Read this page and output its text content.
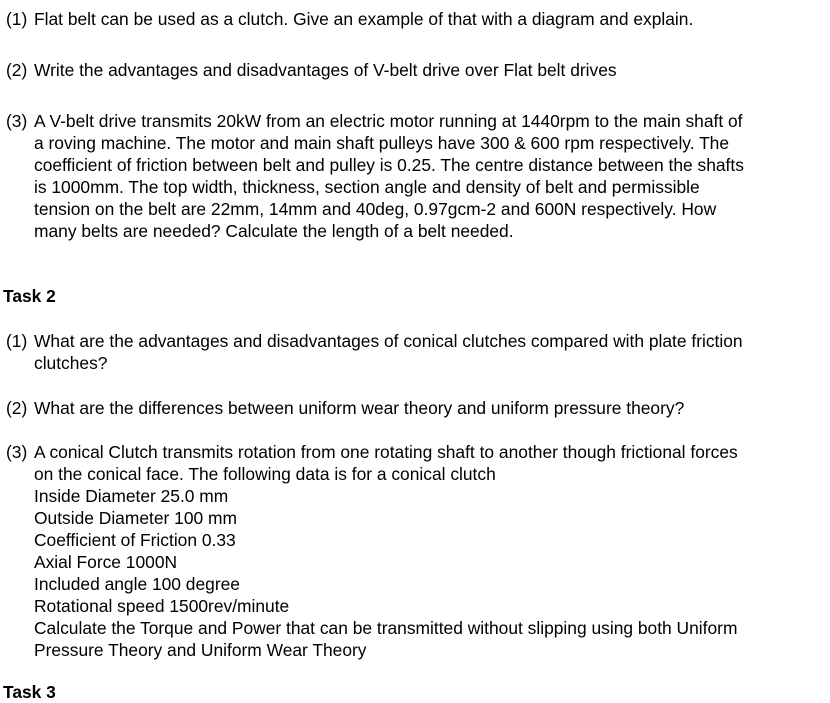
(1) Flat belt can be used as a clutch. Give an example of that with a diagram and explain.
(2) Write the advantages and disadvantages of V-belt drive over Flat belt drives
(3) A V-belt drive transmits 20kW from an electric motor running at 1440rpm to the main shaft of
a roving machine. The motor and main shaft pulleys have 300 & 600 rpm respectively. The
coefficient of friction between belt and pulley is 0.25. The centre distance between the shafts
is 1000mm. The top width, thickness, section angle and density of belt and permissible
tension on the belt are 22mm, 14mm and 40deg, 0.97gcm-2 and 600N respectively. How
many belts are needed? Calculate the length of a belt needed.
Task 2
(1) What are the advantages and disadvantages of conical clutches compared with plate friction
clutches?
(2) What are the differences between uniform wear theory and uniform pressure theory?
(3) A conical Clutch transmits rotation from one rotating shaft to another though frictional forces
on the conical face. The following data is for a conical clutch
Inside Diameter 25.0 mm
Outside Diameter 100 mm
Coefficient of Friction 0.33
Axial Force 1000N
Included angle 100 degree
Rotational speed 1500rev/minute
Calculate the Torque and Power that can be transmitted without slipping using both Uniform
Pressure Theory and Uniform Wear Theory
Task 3
